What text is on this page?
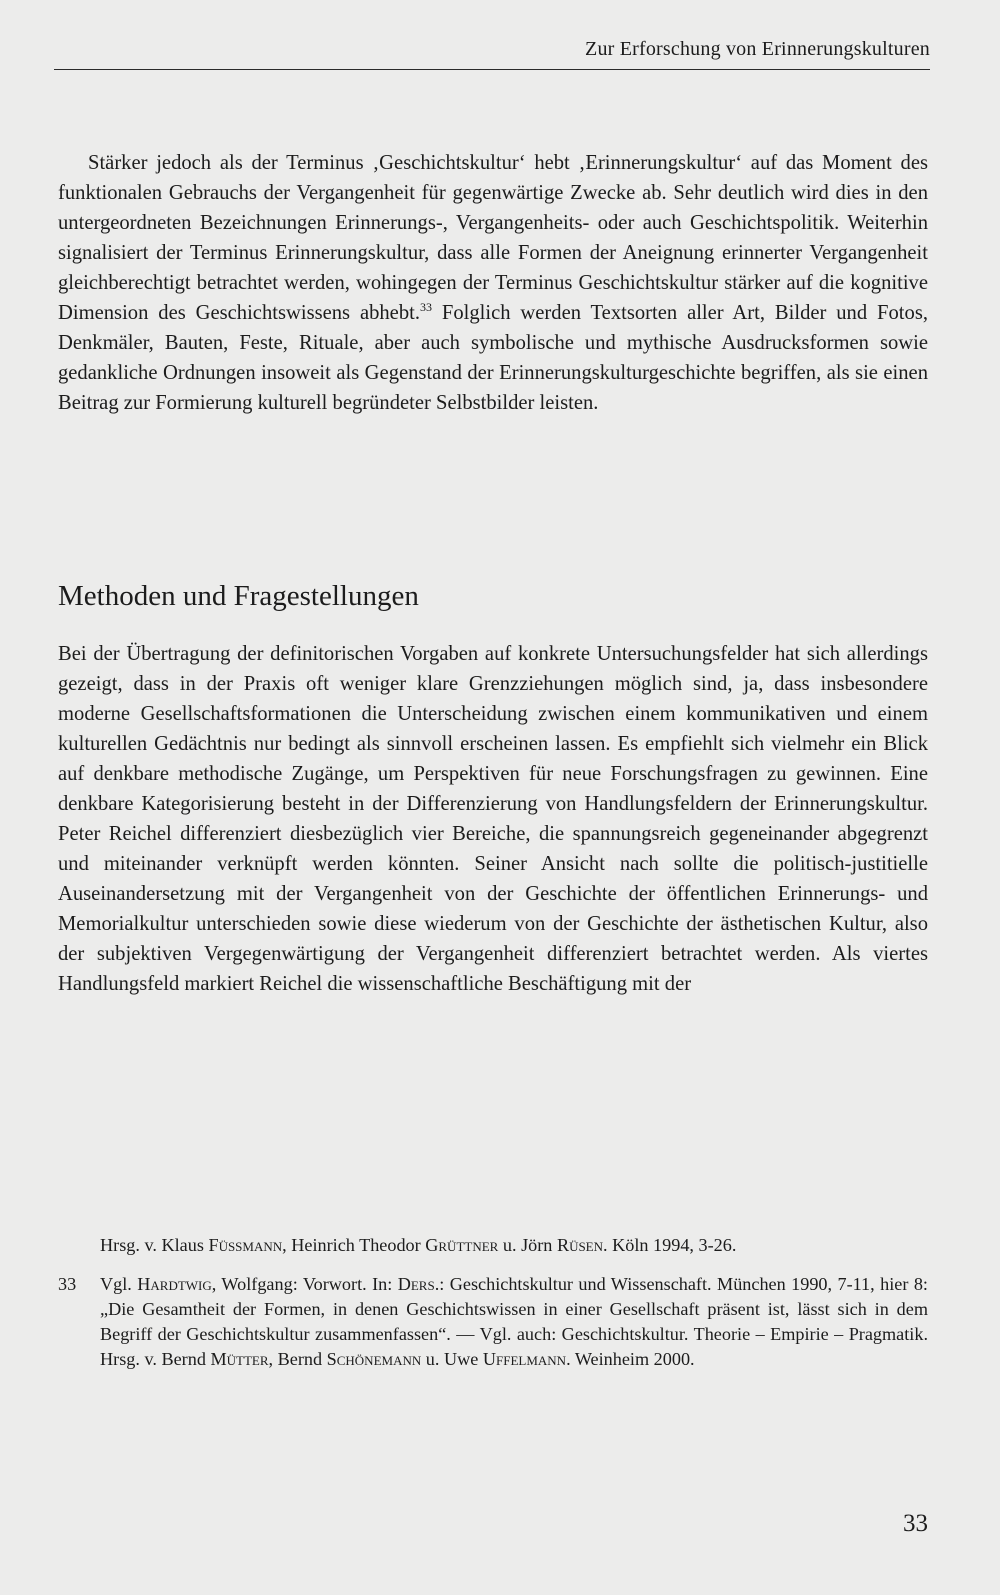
Zur Erforschung von Erinnerungskulturen

Stärker jedoch als der Terminus ‚Geschichtskultur‘ hebt ‚Erinnerungskultur‘ auf das Moment des funktionalen Gebrauchs der Vergangenheit für gegenwärtige Zwecke ab. Sehr deutlich wird dies in den untergeordneten Bezeichnungen Erinnerungs-, Vergangenheits- oder auch Geschichtspolitik. Weiterhin signalisiert der Terminus Erinnerungskultur, dass alle Formen der Aneignung erinnerter Vergangenheit gleichberechtigt betrachtet werden, wohingegen der Terminus Geschichtskultur stärker auf die kognitive Dimension des Geschichtswissens abhebt.$^{33}$ Folglich werden Textsorten aller Art, Bilder und Fotos, Denkmäler, Bauten, Feste, Rituale, aber auch symbolische und mythische Ausdrucksformen sowie gedankliche Ordnungen insoweit als Gegenstand der Erinnerungskulturgeschichte begriffen, als sie einen Beitrag zur Formierung kulturell begründeter Selbstbilder leisten.

Methoden und Fragestellungen

Bei der Übertragung der definitorischen Vorgaben auf konkrete Untersuchungsfelder hat sich allerdings gezeigt, dass in der Praxis oft weniger klare Grenzziehungen möglich sind, ja, dass insbesondere moderne Gesellschaftsformationen die Unterscheidung zwischen einem kommunikativen und einem kulturellen Gedächtnis nur bedingt als sinnvoll erscheinen lassen. Es empfiehlt sich vielmehr ein Blick auf denkbare methodische Zugänge, um Perspektiven für neue Forschungsfragen zu gewinnen. Eine denkbare Kategorisierung besteht in der Differenzierung von Handlungsfeldern der Erinnerungskultur. Peter Reichel differenziert diesbezüglich vier Bereiche, die spannungsreich gegeneinander abgegrenzt und miteinander verknüpft werden könnten. Seiner Ansicht nach sollte die politisch-justitielle Auseinandersetzung mit der Vergangenheit von der Geschichte der öffentlichen Erinnerungs- und Memorialkultur unterschieden sowie diese wiederum von der Geschichte der ästhetischen Kultur, also der subjektiven Vergegenwärtigung der Vergangenheit differenziert betrachtet werden. Als viertes Handlungsfeld markiert Reichel die wissenschaftliche Beschäftigung mit der

Hrsg. v. Klaus Füßmann, Heinrich Theodor Grüttner u. Jörn Rüsen. Köln 1994, 3-26.
33 Vgl. Hardtwig, Wolfgang: Vorwort. In: Ders.: Geschichtskultur und Wissenschaft. München 1990, 7-11, hier 8: „Die Gesamtheit der Formen, in denen Geschichtswissen in einer Gesellschaft präsent ist, lässt sich in dem Begriff der Geschichtskultur zusammenfassen“. — Vgl. auch: Geschichtskultur. Theorie – Empirie – Pragmatik. Hrsg. v. Bernd Mütter, Bernd Schönemann u. Uwe Uffelmann. Weinheim 2000.
33
